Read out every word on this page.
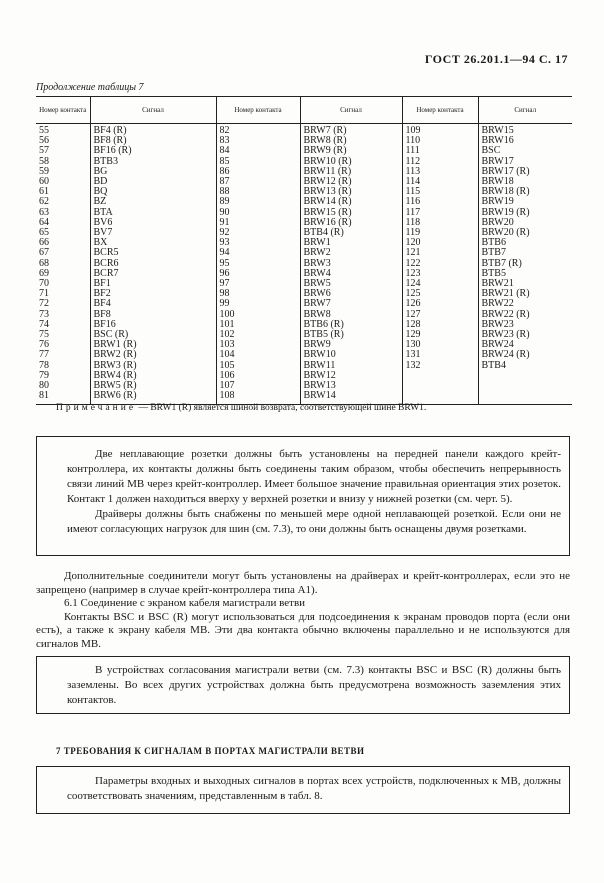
ГОСТ 26.201.1—94 С. 17
Продолжение таблицы 7
Номер контакта	Сигнал	Номер контакта	Сигнал	Номер контакта	Сигнал
55	BF4 (R)	82	BRW7 (R)	109	BRW15
56	BF8 (R)	83	BRW8 (R)	110	BRW16
57	BF16 (R)	84	BRW9 (R)	111	BSC
58	BTB3	85	BRW10 (R)	112	BRW17
59	BG	86	BRW11 (R)	113	BRW17 (R)
60	BD	87	BRW12 (R)	114	BRW18
61	BQ	88	BRW13 (R)	115	BRW18 (R)
62	BZ	89	BRW14 (R)	116	BRW19
63	BTA	90	BRW15 (R)	117	BRW19 (R)
64	BV6	91	BRW16 (R)	118	BRW20
65	BV7	92	BTB4 (R)	119	BRW20 (R)
66	BX	93	BRW1	120	BTB6
67	BCR5	94	BRW2	121	BTB7
68	BCR6	95	BRW3	122	BTB7 (R)
69	BCR7	96	BRW4	123	BTB5
70	BF1	97	BRW5	124	BRW21
71	BF2	98	BRW6	125	BRW21 (R)
72	BF4	99	BRW7	126	BRW22
73	BF8	100	BRW8	127	BRW22 (R)
74	BF16	101	BTB6 (R)	128	BRW23
75	BSC (R)	102	BTB5 (R)	129	BRW23 (R)
76	BRW1 (R)	103	BRW9	130	BRW24
77	BRW2 (R)	104	BRW10	131	BRW24 (R)
78	BRW3 (R)	105	BRW11	132	BTB4
79	BRW4 (R)	106	BRW12		
80	BRW5 (R)	107	BRW13		
81	BRW6 (R)	108	BRW14		
Примечание — BRW1 (R) является шиной возврата, соответствующей шине BRW1.

Две неплавающие розетки должны быть установлены на передней панели каждого крейт-контроллера, их контакты должны быть соединены таким образом, чтобы обеспечить непрерывность связи линий МВ через крейт-контроллер. Имеет большое значение правильная ориентация этих розеток. Контакт 1 должен находиться вверху у верхней розетки и внизу у нижней розетки (см. черт. 5).

Драйверы должны быть снабжены по меньшей мере одной неплавающей розеткой. Если они не имеют согласующих нагрузок для шин (см. 7.3), то они должны быть оснащены двумя розетками.

Дополнительные соединители могут быть установлены на драйверах и крейт-контроллерах, если это не запрещено (например в случае крейт-контроллера типа А1).

6.1 Соединение с экраном кабеля магистрали ветви

Контакты BSC и BSC (R) могут использоваться для подсоединения к экранам проводов порта (если они есть), а также к экрану кабеля МВ. Эти два контакта обычно включены параллельно и не используются для сигналов МВ.

В устройствах согласования магистрали ветви (см. 7.3) контакты BSC и BSC (R) должны быть заземлены. Во всех других устройствах должна быть предусмотрена возможность заземления этих контактов.

7 ТРЕБОВАНИЯ К СИГНАЛАМ В ПОРТАХ МАГИСТРАЛИ ВЕТВИ

Параметры входных и выходных сигналов в портах всех устройств, подключенных к МВ, должны соответствовать значениям, представленным в табл. 8.
